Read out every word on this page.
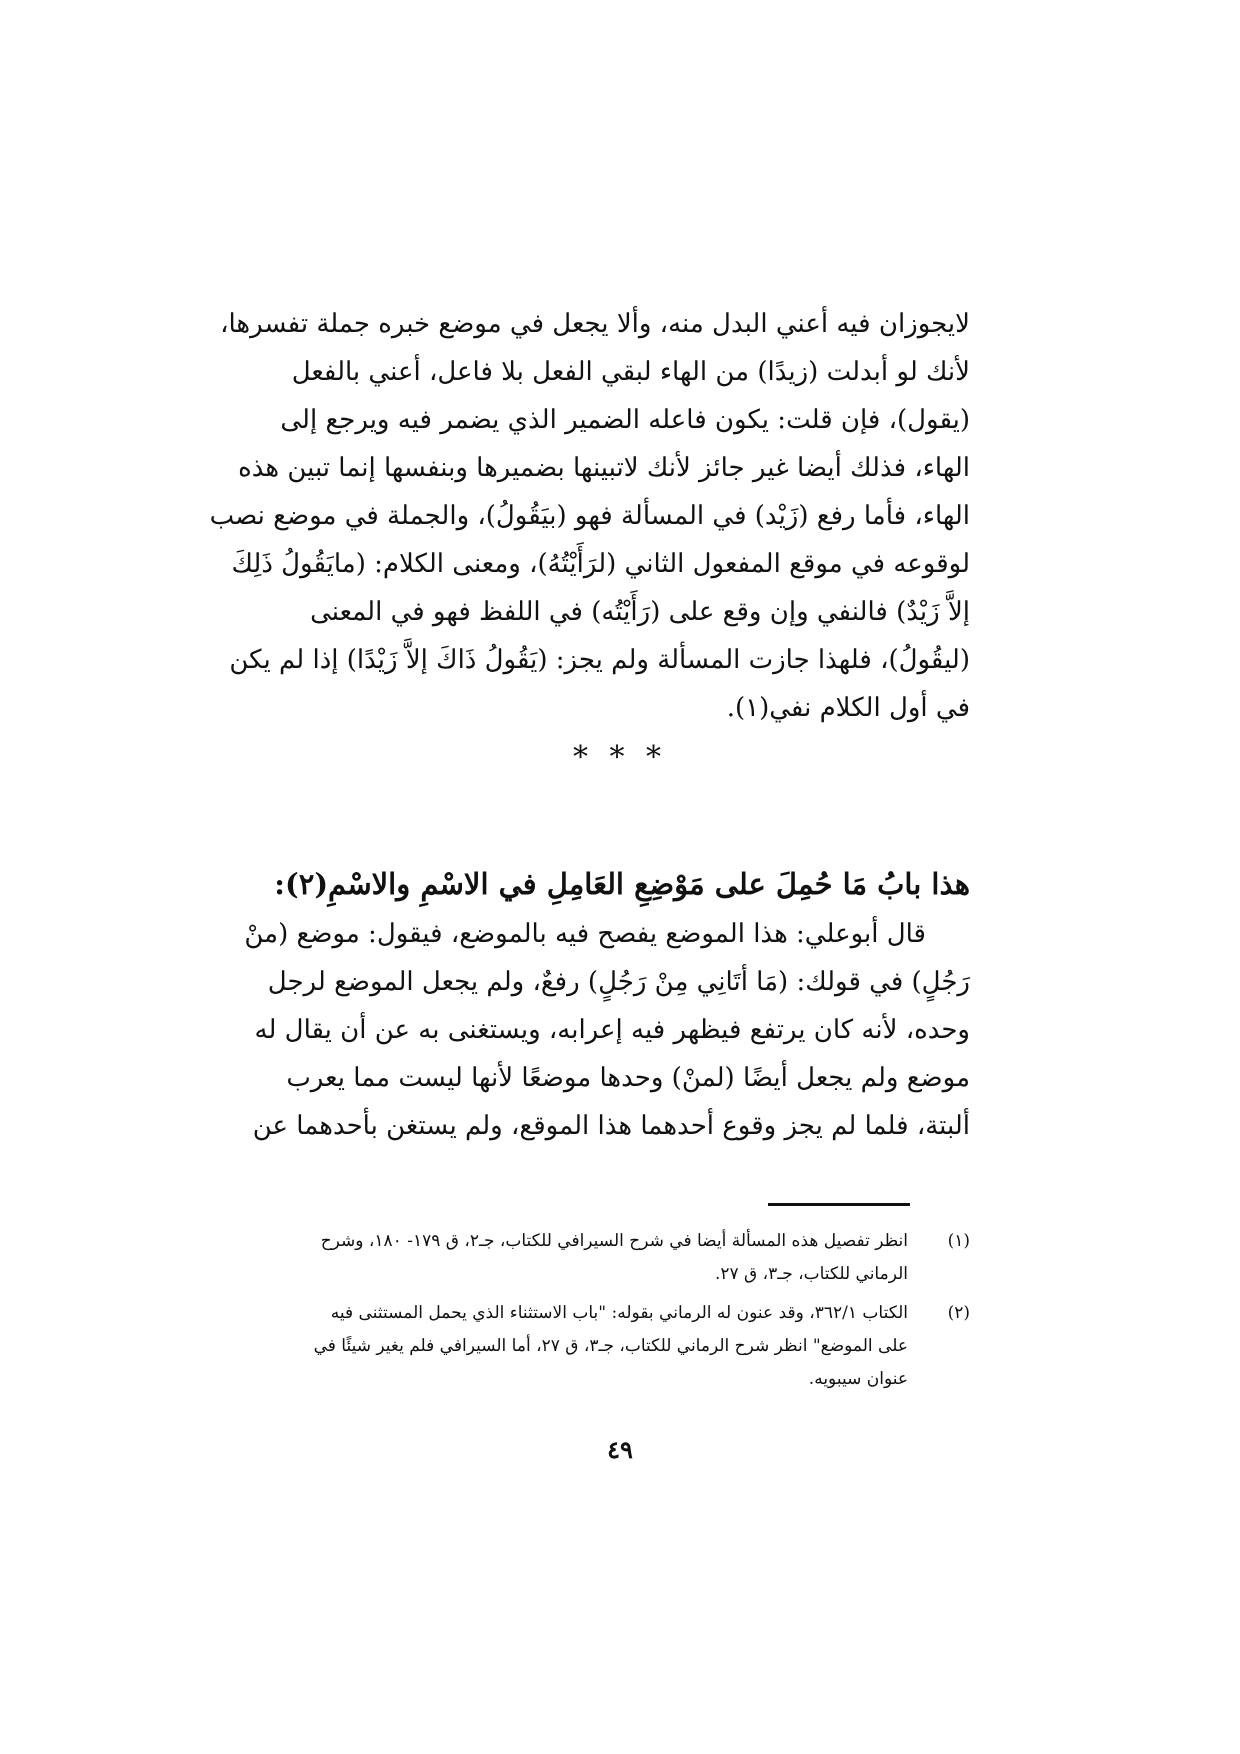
لايجوزان فيه أعني البدل منه، وألا يجعل في موضع خبره جملة تفسرها،
لأنك لو أبدلت (زيدًا) من الهاء لبقي الفعل بلا فاعل، أعني بالفعل
(يقول)، فإن قلت: يكون فاعله الضمير الذي يضمر فيه ويرجع إلى
الهاء، فذلك أيضا غير جائز لأنك لاتبينها بضميرها وبنفسها إنما تبين هذه
الهاء، فأما رفع (زَيْد) في المسألة فهو (بيَقُولُ)، والجملة في موضع نصب
لوقوعه في موقع المفعول الثاني (لرَأَيْتُهُ)، ومعنى الكلام: (مايَقُولُ ذَلِكَ
إلاَّ زَيْدٌ) فالنفي وإن وقع على (رَأَيْتُه) في اللفظ فهو في المعنى
(ليقُولُ)، فلهذا جازت المسألة ولم يجز: (يَقُولُ ذَاكَ إلاَّ زَيْدًا) إذا لم يكن
في أول الكلام نفي(١).
* * *
هذا بابُ مَا حُمِلَ على مَوْضِعِ العَامِلِ في الاسْمِ والاسْمِ(٢):
قال أبوعلي: هذا الموضع يفصح فيه بالموضع، فيقول: موضع (منْ
رَجُلٍ) في قولك: (مَا أتَانِي مِنْ رَجُلٍ) رفعٌ، ولم يجعل الموضع لرجل
وحده، لأنه كان يرتفع فيظهر فيه إعرابه، ويستغنى به عن أن يقال له
موضع ولم يجعل أيضًا (لمنْ) وحدها موضعًا لأنها ليست مما يعرب
ألبتة، فلما لم يجز وقوع أحدهما هذا الموقع، ولم يستغن بأحدهما عن
(١)
انظر تفصيل هذه المسألة أيضا في شرح السيرافي للكتاب، جـ٢، ق ١٧٩- ١٨٠، وشرح
الرماني للكتاب، جـ٣، ق ٢٧.
(٢)
الكتاب ٣٦٢/١، وقد عنون له الرماني بقوله: "باب الاستثناء الذي يحمل المستثنى فيه
على الموضع" انظر شرح الرماني للكتاب، جـ٣، ق ٢٧، أما السيرافي فلم يغير شيئًا في
عنوان سيبويه.
٤٩
